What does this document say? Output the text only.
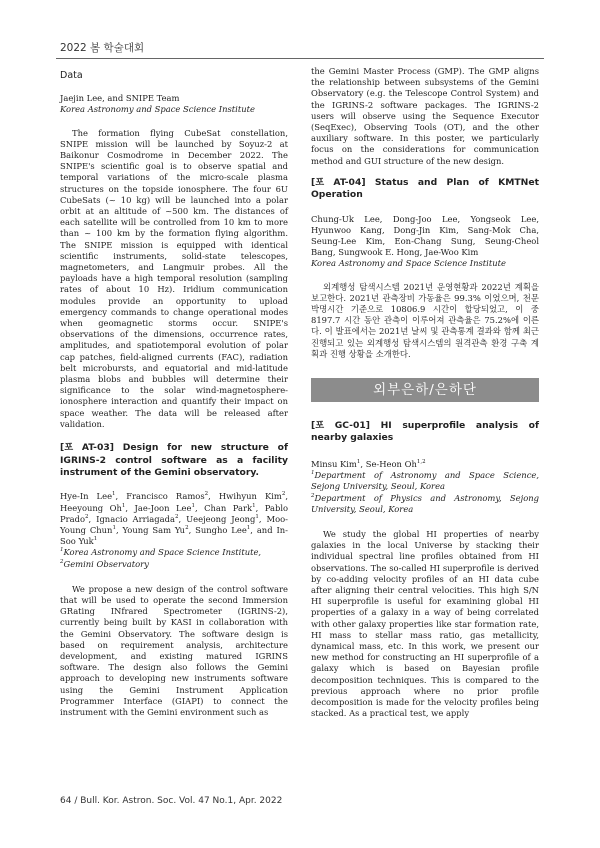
2022 봄 학술대회

Data

Jaejin Lee, and SNIPE Team

Korea Astronomy and Space Science Institute

The formation flying CubeSat constellation, SNIPE mission will be launched by Soyuz-2 at Baikonur Cosmodrome in December 2022. The SNIPE's scientific goal is to observe spatial and temporal variations of the micro-scale plasma structures on the topside ionosphere. The four 6U CubeSats (~ 10 kg) will be launched into a polar orbit at an altitude of ~500 km. The distances of each satellite will be controlled from 10 km to more than ~ 100 km by the formation flying algorithm. The SNIPE mission is equipped with identical scientific instruments, solid-state telescopes, magnetometers, and Langmuir probes. All the payloads have a high temporal resolution (sampling rates of about 10 Hz). Iridium communication modules provide an opportunity to upload emergency commands to change operational modes when geomagnetic storms occur. SNIPE's observations of the dimensions, occurrence rates, amplitudes, and spatiotemporal evolution of polar cap patches, field-aligned currents (FAC), radiation belt microbursts, and equatorial and mid-latitude plasma blobs and bubbles will determine their significance to the solar wind-magnetosphere-ionosphere interaction and quantify their impact on space weather. The data will be released after validation.

[포 AT-03] Design for new structure of IGRINS-2 control software as a facility instrument of the Gemini observatory.

Hye-In Lee$^1$, Francisco Ramos$^2$, Hwihyun Kim$^2$, Heeyoung Oh$^1$, Jae-Joon Lee$^1$, Chan Park$^1$, Pablo Prado$^2$, Ignacio Arriagada$^2$, Ueejeong Jeong$^1$, Moo-Young Chun$^1$, Young Sam Yu$^2$, Sungho Lee$^1$, and In-Soo Yuk$^1$

$^1$Korea Astronomy and Space Science Institute,

$^2$Gemini Observatory

We propose a new design of the control software that will be used to operate the second Immersion GRating INfrared Spectrometer (IGRINS-2), currently being built by KASI in collaboration with the Gemini Observatory. The software design is based on requirement analysis, architecture development, and existing matured IGRINS software. The design also follows the Gemini approach to developing new instruments software using the Gemini Instrument Application Programmer Interface (GIAPI) to connect the instrument with the Gemini environment such as

the Gemini Master Process (GMP). The GMP aligns the relationship between subsystems of the Gemini Observatory (e.g. the Telescope Control System) and the IGRINS-2 software packages. The IGRINS-2 users will observe using the Sequence Executor (SeqExec), Observing Tools (OT), and the other auxiliary software. In this poster, we particularly focus on the considerations for communication method and GUI structure of the new design.

[포 AT-04] Status and Plan of KMTNet Operation

Chung-Uk Lee, Dong-Joo Lee, Yongseok Lee, Hyunwoo Kang, Dong-Jin Kim, Sang-Mok Cha, Seung-Lee Kim, Eon-Chang Sung, Seung-Cheol Bang, Sungwook E. Hong, Jae-Woo Kim

Korea Astronomy and Space Science Institute

외계행성 탐색시스템 2021년 운영현황과 2022년 계획을 보고한다. 2021년 관측장비 가동율은 99.3% 이었으며, 천문박명시간 기준으로 10806.9 시간이 할당되었고, 이 중 8197.7 시간 동안 관측이 이루어져 관측율은 75.2%에 이른다. 이 발표에서는 2021년 날씨 및 관측통계 결과와 함께 최근 진행되고 있는 외계행성 탐색시스템의 원격관측 환경 구축 계획과 진행 상황을 소개한다.

외부은하/은하단

[포 GC-01] HI superprofile analysis of nearby galaxies

Minsu Kim$^1$, Se-Heon Oh$^{1,2}$

$^1$Department of Astronomy and Space Science, Sejong University, Seoul, Korea

$^2$Department of Physics and Astronomy, Sejong University, Seoul, Korea

We study the global HI properties of nearby galaxies in the local Universe by stacking their individual spectral line profiles obtained from HI observations. The so-called HI superprofile is derived by co-adding velocity profiles of an HI data cube after aligning their central velocities. This high S/N HI superprofile is useful for examining global HI properties of a galaxy in a way of being correlated with other galaxy properties like star formation rate, HI mass to stellar mass ratio, gas metallicity, dynamical mass, etc. In this work, we present our new method for constructing an HI superprofile of a galaxy which is based on Bayesian profile decomposition techniques. This is compared to the previous approach where no prior profile decomposition is made for the velocity profiles being stacked. As a practical test, we apply

64 / Bull. Kor. Astron. Soc. Vol. 47 No.1, Apr. 2022
